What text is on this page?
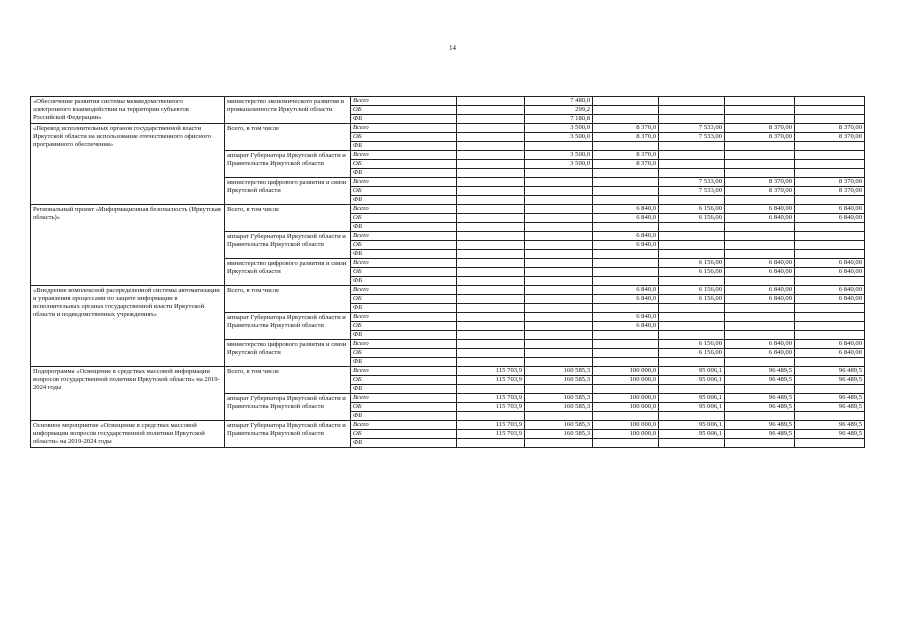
14
«Обеспечение развития системы межведомственного электронного взаимодействия на территории субъектов Российской Федерации»	министерство экономического развития и промышленности Иркутской области	Всего		7 480,0				
		ОБ		299,2				
		ФБ		7 180,8				
«Перевод исполнительных органов государственной власти Иркутской области на использование отечественного офисного программного обеспечения»	Всего, в том числе	Всего		3 500,0	8 370,0	7 533,00	8 370,00	8 370,00
		ОБ		3 500,0	8 370,0	7 533,00	8 370,00	8 370,00
		ФБ						
	аппарат Губернатора Иркутской области и Правительства Иркутской области	Всего		3 500,0	8 370,0			
		ОБ		3 500,0	8 370,0			
		ФБ						
	министерство цифрового развития и связи Иркутской области	Всего				7 533,00	8 370,00	8 370,00
		ОБ				7 533,00	8 370,00	8 370,00
		ФБ						
Региональный проект «Информационная безопасность (Иркутская область)»	Всего, в том числе	Всего			6 840,0	6 156,00	6 840,00	6 840,00
		ОБ			6 840,0	6 156,00	6 840,00	6 840,00
		ФБ						
	аппарат Губернатора Иркутской области и Правительства Иркутской области	Всего			6 840,0			
		ОБ			6 840,0			
		ФБ						
	министерство цифрового развития и связи Иркутской области	Всего				6 156,00	6 840,00	6 840,00
		ОБ				6 156,00	6 840,00	6 840,00
		ФБ						
«Внедрение комплексной распределенной системы автоматизации и управления процессами по защите информации в исполнительных органах государственной власти Иркутской области и подведомственных учреждениях»	Всего, в том числе	Всего			6 840,0	6 156,00	6 840,00	6 840,00
		ОБ			6 840,0	6 156,00	6 840,00	6 840,00
		ФБ						
	аппарат Губернатора Иркутской области и Правительства Иркутской области	Всего			6 840,0			
		ОБ			6 840,0			
		ФБ						
	министерство цифрового развития и связи Иркутской области	Всего				6 156,00	6 840,00	6 840,00
		ОБ				6 156,00	6 840,00	6 840,00
		ФБ						
Подпрограмма «Освещение в средствах массовой информации вопросов государственной политики Иркутской области» на 2019-2024 годы	Всего, в том числе	Всего	115 703,9	160 585,3	100 000,0	95 006,1	96 489,5	96 489,5
		ОБ	115 703,9	160 585,3	100 000,0	95 006,1	96 489,5	96 489,5
		ФБ						
	аппарат Губернатора Иркутской области и Правительства Иркутской области	Всего	115 703,9	160 585,3	100 000,0	95 006,1	96 489,5	96 489,5
		ОБ	115 703,9	160 585,3	100 000,0	95 006,1	96 489,5	96 489,5
		ФБ						
Основное мероприятие «Освещение в средствах массовой информации вопросов государственной политики Иркутской области» на 2019-2024 годы	аппарат Губернатора Иркутской области и Правительства Иркутской области	Всего	115 703,9	160 585,3	100 000,0	95 006,1	96 489,5	96 489,5
		ОБ	115 703,9	160 585,3	100 000,0	95 006,1	96 489,5	96 489,5
		ФБ						
